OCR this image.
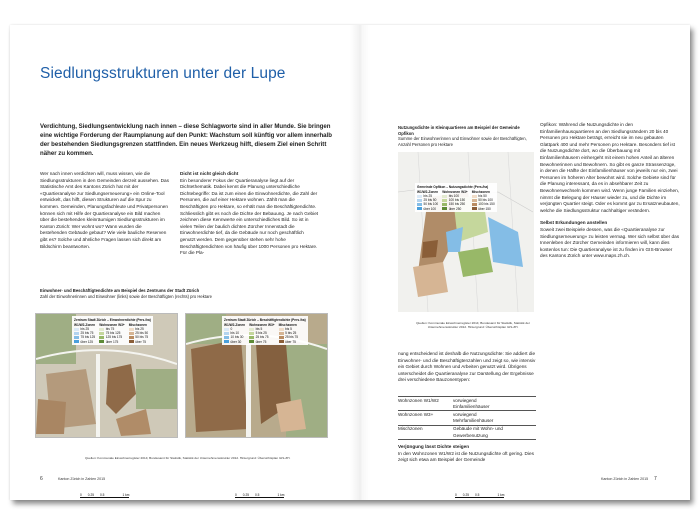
Siedlungsstrukturen unter der Lupe
Verdichtung, Siedlungsentwicklung nach innen – diese Schlagworte sind in aller Munde. Sie bringen eine wichtige Forderung der Raumplanung auf den Punkt: Wachstum soll künftig vor allem innerhalb der bestehenden Siedlungsgrenzen stattfinden. Ein neues Werkzeug hilft, diesem Ziel einen Schritt näher zu kommen.

Wer nach innen verdichten will, muss wissen, wie die Siedlungsstrukturen in den Gemeinden derzeit aussehen. Das Statistische Amt des Kantons Zürich hat mit der «Quartieranalyse zur Siedlungserneuerung» ein Online-Tool entwickelt, das hilft, diesen Strukturen auf die Spur zu kommen. Gemeinden, Planungsfachleute und Privatpersonen können sich mit Hilfe der Quartieranalyse ein Bild machen über die bestehenden kleinräumigen Siedlungsstrukturen im Kanton Zürich: Wer wohnt wo? Wann wurden die bestehenden Gebäude gebaut? Wie viele bauliche Reserven gibt es? Solche und ähnliche Fragen lassen sich direkt am Bildschirm beantworten.

Dicht ist nicht gleich dicht

Ein besonderer Fokus der Quartieranalyse liegt auf der Dichtethematik. Dabei kennt die Planung unterschiedliche Dichtebegriffe: Da ist zum einen die Einwohnerdichte, die Zahl der Personen, die auf einer Hektare wohnen. Zählt man die Beschäftigten pro Hektare, so erhält man die Beschäftigtendichte. Schliesslich gibt es noch die Dichte der Bebauung. Je nach Gebiet zeichnen diese Kennwerte ein unterschiedliches Bild. So ist in vielen Teilen der baulich dichten Zürcher Innenstadt die Einwohnerdichte tief, da die Gebäude nur noch geschäftlich genutzt werden. Dem gegenüber stehen sehr hohe Beschäftigtendichten von häufig über 1000 Personen pro Hektare. Für die Pla-

Einwohner- und Beschäftigtendichte am Beispiel des Zentrums der Stadt Zürich
Zahl der Einwohnerinnen und Einwohner (links) sowie der Beschäftigten (rechts) pro Hektare
Zentrum Stadt Zürich – Einwohnerdichte (Pers./ha)
W1/W2-Zonen
bis 25
25 bis 75
75 bis 125
über 125
Wohnzonen W3+
bis 75
75 bis 125
125 bis 175
über 175
Mischzonen
bis 25
25 bis 50
50 bis 75
über 75
0 0.25 0.5	1 km
Zentrum Stadt Zürich – Beschäftigtendichte (Pers./ha)
W1/W2-Zonen
0
bis 10
10 bis 30
über 30
Wohnzonen W3+
bis 5
5 bis 25
25 bis 75
über 75
Mischzonen
bis 5
5 bis 25
25 bis 75
über 75
0 0.25 0.5	1 km
Quellen: Kommunale Einwohnerregister 2014; Bundesamt für Statistik, Statistik der Unternehmensstruktur 2012. Hintergrund: Übersichtsplan GIS-ZH.
6	Kanton Zürich in Zahlen 2015
Nutzungsdichte in Kleinquartieren am Beispiel der Gemeinde Opfikon
Summe der Einwohnerinnen und Einwohner sowie der Beschäftigten, Anzahl Personen pro Hektare
Gemeinde Opfikon – Nutzungsdichte (Pers./ha)
W1/W2-Zonen
bis 25
25 bis 50
50 bis 100
über 100
Wohnzonen W3+
bis 100
100 bis 150
150 bis 250
über 250
Mischzonen
bis 50
50 bis 100
100 bis 150
über 150
0 0.25 0.5	1 km
Quellen: Kommunale Einwohnerregister 2014; Bundesamt für Statistik, Statistik der Unternehmensstruktur 2012. Hintergrund: Übersichtsplan GIS-ZH.

nung entscheidend ist deshalb die Nutzungsdichte: Sie addiert die Einwohner- und die Beschäftigtenzahlen und zeigt so, wie intensiv ein Gebiet durch Wohnen und Arbeiten genutzt wird. Übrigens unterscheidet die Quartieranalyse zur Darstellung der Ergebnisse drei verschiedene Bauzonentypen:

Wohnzonen W1/W2	vorwiegend Einfamilienhäuser
Wohnzonen W3+	vorwiegend Mehrfamilienhäuser
Mischzonen	Gebäude mit Wohn- und Gewerbenutzung
Verjüngung lässt Dichte steigen

In den Wohnzonen W1/W2 ist die Nutzungsdichte oft gering. Dies zeigt sich etwa am Beispiel der Gemeinde

Opfikon: Während die Nutzungsdichte in den Einfamilienhausquartieren an den Siedlungsrändern 20 bis 40 Personen pro Hektare beträgt, erreicht sie im neu gebauten Glattpark 400 und mehr Personen pro Hektare. Besonders tief ist die Nutzungsdichte dort, wo die Überbauung mit Einfamilienhäusern einhergeht mit einem hohen Anteil an älteren Bewohnerinnen und Bewohnern. So gibt es ganze Strassenzüge, in denen die Hälfte der Einfamilienhäuser von jeweils nur ein, zwei Personen im höheren Alter bewohnt wird. Solche Gebiete sind für die Planung interessant, da es in absehbarer Zeit zu Bewohnerwechseln kommen wird. Wenn junge Familien einziehen, nimmt die Belegung der Häuser wieder zu, und die Dichte im verjüngten Quartier steigt. Oder es kommt gar zu Ersatzneubauten, welche die Siedlungsstruktur nachhaltiger verändern.

Selbst Erkundungen anstellen

Soweit zwei Beispiele dessen, was die «Quartieranalyse zur Siedlungserneuerung» zu leisten vermag. Wer sich selbst über das Innenleben der Zürcher Gemeinden informieren will, kann dies kostenlos tun: Die Quartieranalyse ist zu finden im GIS-Browser des Kantons Zürich unter www.maps.zh.ch.

Kanton Zürich in Zahlen 2015 7
